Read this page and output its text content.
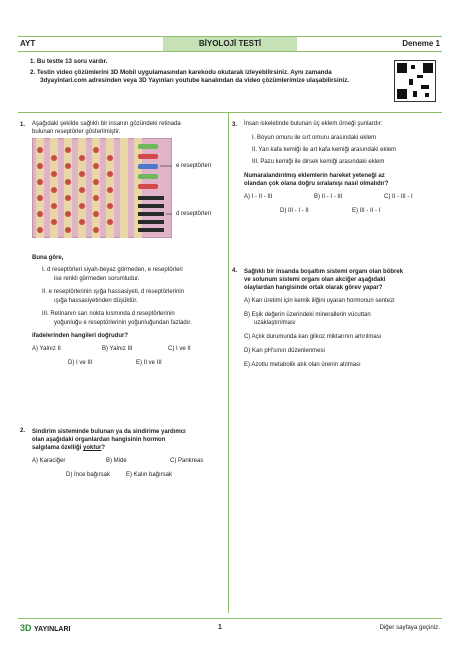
AYT	BİYOLOJİ TESTİ	Deneme 1
1. Bu testte 13 soru vardır.
2. Testin video çözümlerini 3D Mobil uygulamasından karekodu okutarak izleyebilirsiniz. Aynı zamanda
3dyayinlari.com adresinden veya 3D Yayınları youtube kanalından da video çözümlerimize ulaşabilirsiniz.
1. Aşağıdaki şekilde sağlıklı bir insanın gözündeki retinada
bulunan reseptörler gösterilmiştir.
e reseptörleri
d reseptörleri
Buna göre,
I. d reseptörleri siyah-beyaz görmeden, e reseptörleri
ise renkli görmeden sorumludur.
II. e reseptörlerinin ışığa hassasiyeti, d reseptörlerinin
ışığa hassasiyetinden düşüktür.
III. Retinanın sarı nokta kısmında d reseptörlerinin
yoğunluğu e reseptörlerinin yoğunluğundan fazladır.
ifadelerinden hangileri doğrudur?
A) Yalnız II	B) Yalnız III	C) I ve II
D) I ve III	E) II ve III
2. Sindirim sisteminde bulunan ya da sindirime yardımcı
olan aşağıdaki organlardan hangisinin hormon
salgılama özelliği yoktur?
A) Karaciğer	B) Mide	C) Pankreas
D) İnce bağırsak	E) Kalın bağırsak
3. İnsan iskeletinde bulunan üç eklem örneği şunlardır:
I. Boyun omuru ile sırt omuru arasındaki eklem
II. Yan kafa kemiği ile art kafa kemiği arasındaki eklem
III. Pazu kemiği ile dirsek kemiği arasındaki eklem
Numaralandırılmış eklemlerin hareket yeteneği az
olandan çok olana doğru sıralanışı nasıl olmalıdır?
A) I - II - III	B) II - I - III	C) II - III - I
D) III - I - II	E) III - II - I
4. Sağlıklı bir insanda boşaltım sistemi organı olan böbrek
ve solunum sistemi organı olan akciğer aşağıdaki
olaylardan hangisinde ortak olarak görev yapar?
A) Kan üretimi için kemik iliğini uyaran hormonun sentezi
B) Eşik değerin üzerindeki minerallerin vücuttan
uzaklaştırılması
C) Açlık durumunda kan glikoz miktarının artırılması
D) Kan pH'sının düzenlenmesi
E) Azotlu metabolik atık olan ürenin atılması
3D YAYINLARI	1	Diğer sayfaya geçiniz.
